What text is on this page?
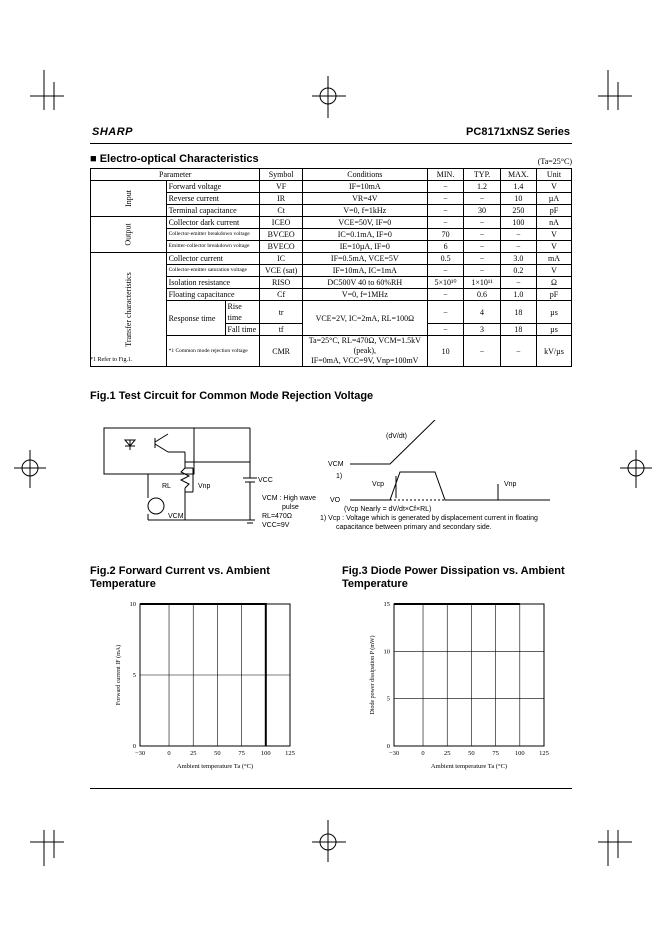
SHARP	PC8171xNSZ Series
■ Electro-optical Characteristics	(Ta=25°C)
Parameter			Symbol	Conditions	MIN.	TYP.	MAX.	Unit
Input	Forward voltage		VF	IF=10mA	−	1.2	1.4	V
	Reverse current		IR	VR=4V	−	−	10	µA
	Terminal capacitance		Ct	V=0, f=1kHz	−	30	250	pF
Output	Collector dark current		ICEO	VCE=50V, IF=0	−	−	100	nA
	Collector-emitter breakdown voltage		BVCEO	IC=0.1mA, IF=0	70	−	−	V
	Emitter-collector breakdown voltage		BVECO	IE=10µA, IF=0	6	−	−	V
Transfer characteristics	Collector current		IC	IF=0.5mA, VCE=5V	0.5	−	3.0	mA
	Collector-emitter saturation voltage		VCE (sat)	IF=10mA, IC=1mA	−	−	0.2	V
	Isolation resistance		RISO	DC500V 40 to 60%RH	5×10¹⁰	1×10¹¹	−	Ω
	Floating capacitance		Cf	V=0, f=1MHz	−	0.6	1.0	pF
	Response time	Rise time	tr	VCE=2V, IC=2mA, RL=100Ω	−	4	18	µs
		Fall time	tf		−	3	18	µs
	*1 Common mode rejection voltage		CMR	Ta=25°C, RL=470Ω, VCM=1.5kV (peak),
IF=0mA, VCC=9V, Vnp=100mV	10	−	−	kV/µs
*1 Refer to Fig.1.
Fig.1 Test Circuit for Common Mode Rejection Voltage
RL	Vnp
VCM
VCC
VCM : High wave
pulse
RL=470Ω
VCC=9V
(dV/dt)
VCM
1)
Vcp	Vnp
VO
(Vcp Nearly = dV/dt×Cf×RL)
1) Vcp : Voltage which is generated by displacement current in floating
capacitance between primary and secondary side.
Fig.2 Forward Current vs. Ambient Temperature
Fig.3 Diode Power Dissipation vs. Ambient Temperature
−30	0	25	50	75 100 125
0
5
10
Ambient temperature Ta (°C)
Forward current IF (mA)
−30	0	25	50	75 100 125
0
5
10
15
Ambient temperature Ta (°C)
Diode power dissipation P (mW)
